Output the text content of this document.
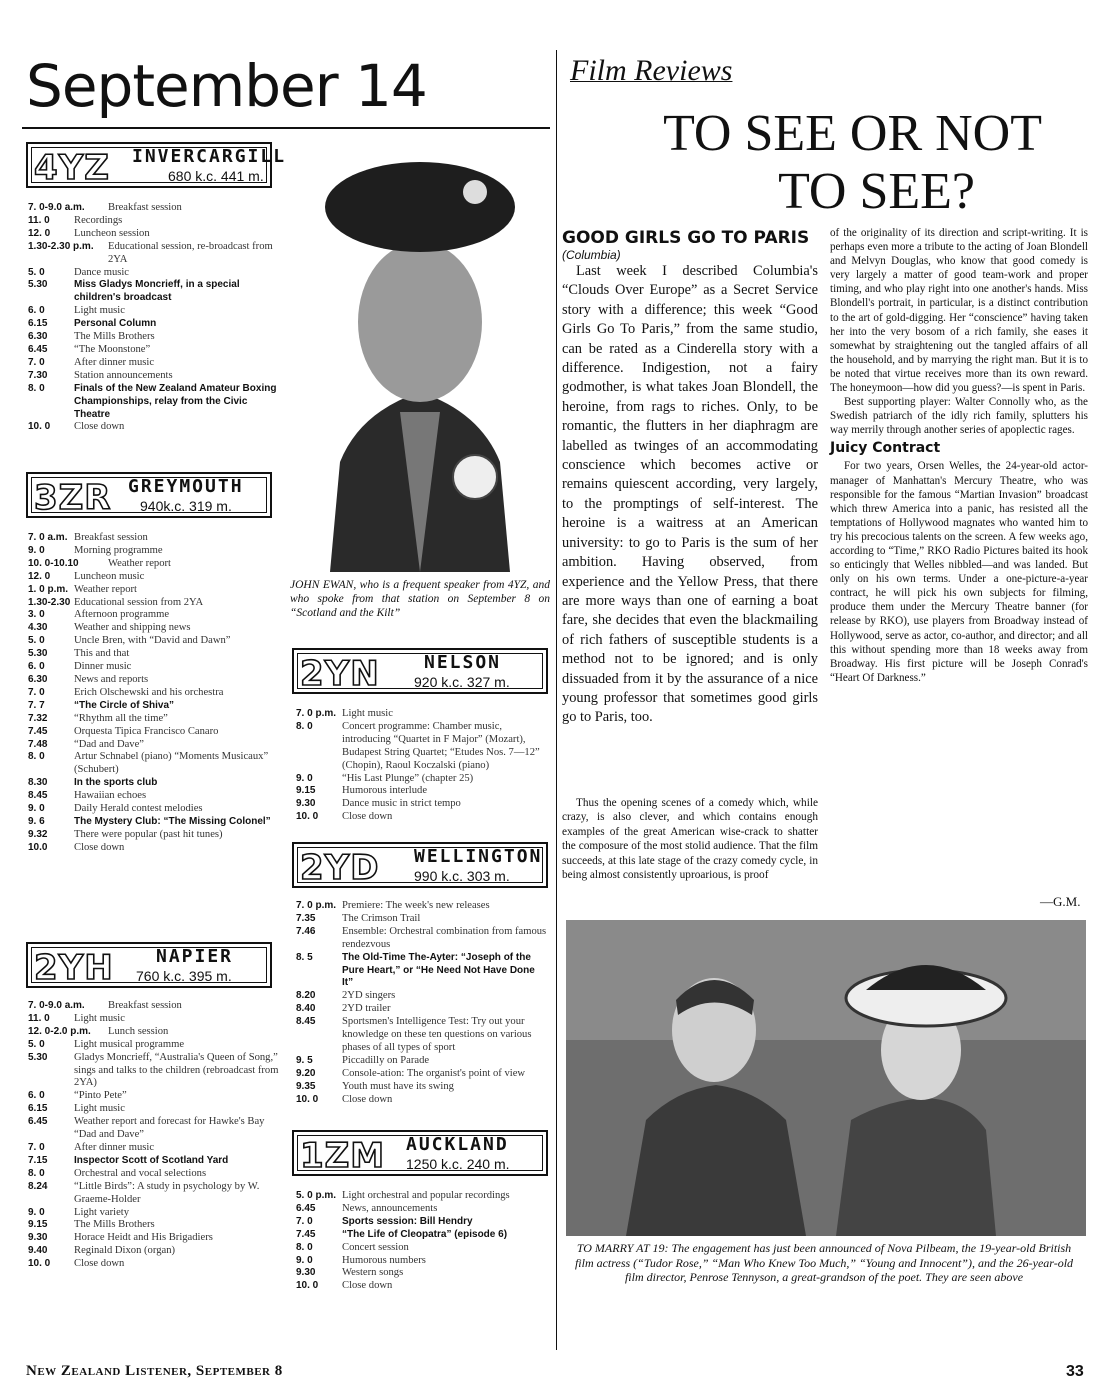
September 14
4YZ INVERCARGILL
680 k.c. 441 m.
7. 0-9.0 a.m.	Breakfast session
11. 0	Recordings
12. 0	Luncheon session
1.30-2.30 p.m.	Educational session, re-broadcast from 2YA
5. 0	Dance music
5.30	Miss Gladys Moncrieff, in a special children's broadcast
6. 0	Light music
6.15	Personal Column
6.30	The Mills Brothers
6.45	“The Moonstone”
7. 0	After dinner music
7.30	Station announcements
8. 0	Finals of the New Zealand Amateur Boxing Championships, relay from the Civic Theatre
10. 0	Close down
3ZR GREYMOUTH
940k.c. 319 m.
7. 0 a.m. Breakfast session
9. 0	Morning programme
10. 0-10.10	Weather report
12. 0	Luncheon music
1. 0 p.m. Weather report
1.30-2.30 Educational session from 2YA
3. 0	Afternoon programme
4.30	Weather and shipping news
5. 0	Uncle Bren, with “David and Dawn”
5.30	This and that
6. 0	Dinner music
6.30	News and reports
7. 0	Erich Olschewski and his orchestra
7. 7	“The Circle of Shiva”
7.32	“Rhythm all the time”
7.45	Orquesta Tipica Francisco Canaro
7.48	“Dad and Dave”
8. 0	Artur Schnabel (piano) “Moments Musicaux” (Schubert)
8.30	In the sports club
8.45	Hawaiian echoes
9. 0	Daily Herald contest melodies
9. 6	The Mystery Club: “The Missing Colonel”
9.32	There were popular (past hit tunes)
10.0	Close down
2YH NAPIER
760 k.c. 395 m.
7. 0-9.0 a.m.	Breakfast session
11. 0	Light music
12. 0-2.0 p.m.	Lunch session
5. 0	Light musical programme
5.30	Gladys Moncrieff, “Australia's Queen of Song,” sings and talks to the children (rebroadcast from 2YA)
6. 0	“Pinto Pete”
6.15	Light music
6.45	Weather report and forecast for Hawke's Bay “Dad and Dave”
7. 0	After dinner music
7.15	Inspector Scott of Scotland Yard
8. 0	Orchestral and vocal selections
8.24	“Little Birds”: A study in psychology by W. Graeme-Holder
9. 0	Light variety
9.15	The Mills Brothers
9.30	Horace Heidt and His Brigadiers
9.40	Reginald Dixon (organ)
10. 0	Close down
JOHN EWAN, who is a frequent speaker from 4YZ, and who spoke from that station on September 8 on “Scotland and the Kilt”
2YN NELSON
920 k.c. 327 m.
7. 0 p.m. Light music
8. 0	Concert programme: Chamber music, introducing “Quartet in F Major” (Mozart), Budapest String Quartet; “Etudes Nos. 7—12” (Chopin), Raoul Koczalski (piano)
9. 0	“His Last Plunge” (chapter 25)
9.15	Humorous interlude
9.30	Dance music in strict tempo
10. 0	Close down
2YD WELLINGTON
990 k.c. 303 m.
7. 0 p.m. Premiere: The week's new releases
7.35	The Crimson Trail
7.46	Ensemble: Orchestral combination from famous rendezvous
8. 5	The Old-Time The-Ayter: “Joseph of the Pure Heart,” or “He Need Not Have Done It”
8.20	2YD singers
8.40	2YD trailer
8.45	Sportsmen's Intelligence Test: Try out your knowledge on these ten questions on various phases of all types of sport
9. 5	Piccadilly on Parade
9.20	Console-ation: The organist's point of view
9.35	Youth must have its swing
10. 0	Close down
1ZM AUCKLAND
1250 k.c. 240 m.
5. 0 p.m. Light orchestral and popular recordings
6.45	News, announcements
7. 0	Sports session: Bill Hendry
7.45	“The Life of Cleopatra” (episode 6)
8. 0	Concert session
9. 0	Humorous numbers
9.30	Western songs
10. 0	Close down
Film Reviews
TO SEE OR NOT
TO SEE?
GOOD GIRLS GO TO PARIS
(Columbia)

Last week I described Columbia's “Clouds Over Europe” as a Secret Service story with a difference; this week “Good Girls Go To Paris,” from the same studio, can be rated as a Cinderella story with a difference. Indigestion, not a fairy godmother, is what takes Joan Blondell, the heroine, from rags to riches. Only, to be romantic, the flutters in her diaphragm are labelled as twinges of an accommodating conscience which becomes active or remains quiescent according, very largely, to the promptings of self-interest. The heroine is a waitress at an American university: to go to Paris is the sum of her ambition. Having observed, from experience and the Yellow Press, that there are more ways than one of earning a boat fare, she decides that even the blackmailing of rich fathers of susceptible students is a method not to be ignored; and is only dissuaded from it by the assurance of a nice young professor that sometimes good girls go to Paris, too.

Thus the opening scenes of a comedy which, while crazy, is also clever, and which contains enough examples of the great American wise-crack to shatter the composure of the most stolid audience. That the film succeeds, at this late stage of the crazy comedy cycle, in being almost consistently uproarious, is proof

of the originality of its direction and script-writing. It is perhaps even more a tribute to the acting of Joan Blondell and Melvyn Douglas, who know that good comedy is very largely a matter of good team-work and proper timing, and who play right into one another's hands. Miss Blondell's portrait, in particular, is a distinct contribution to the art of gold-digging. Her “conscience” having taken her into the very bosom of a rich family, she eases it somewhat by straightening out the tangled affairs of all the household, and by marrying the right man. But it is to be noted that virtue receives more than its own reward. The honeymoon—how did you guess?—is spent in Paris.

Best supporting player: Walter Connolly who, as the Swedish patriarch of the idly rich family, splutters his way merrily through another series of apoplectic rages.

Juicy Contract

For two years, Orsen Welles, the 24-year-old actor-manager of Manhattan's Mercury Theatre, who was responsible for the famous “Martian Invasion” broadcast which threw America into a panic, has resisted all the temptations of Hollywood magnates who wanted him to try his precocious talents on the screen. A few weeks ago, according to “Time,” RKO Radio Pictures baited its hook so enticingly that Welles nibbled—and was landed. But only on his own terms. Under a one-picture-a-year contract, he will pick his own subjects for filming, produce them under the Mercury Theatre banner (for release by RKO), use players from Broadway instead of Hollywood, serve as actor, co-author, and director; and all this without spending more than 18 weeks away from Broadway. His first picture will be Joseph Conrad's “Heart Of Darkness.”

—G.M.
TO MARRY AT 19: The engagement has just been announced of Nova Pilbeam, the 19-year-old British film actress (“Tudor Rose,” “Man Who Knew Too Much,” “Young and Innocent”), and the 26-year-old film director, Penrose Tennyson, a great-grandson of the poet. They are seen above
New Zealand Listener, September 8	33
